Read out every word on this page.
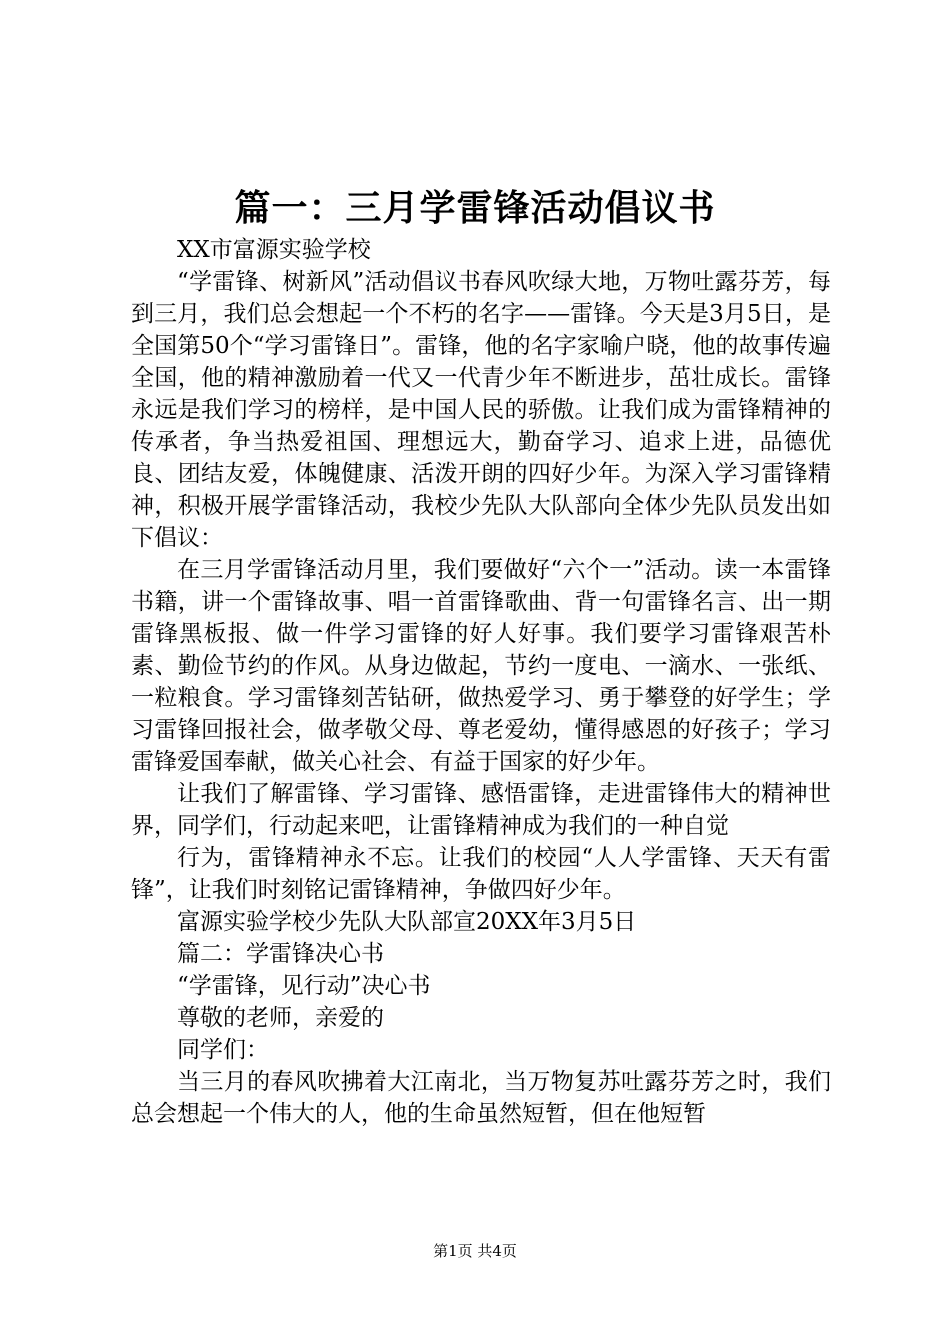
篇一：三月学雷锋活动倡议书

XX市富源实验学校

“学雷锋、树新风”活动倡议书春风吹绿大地，万物吐露芬芳，每到三月，我们总会想起一个不朽的名字——雷锋。今天是3月5日，是全国第50个“学习雷锋日”。雷锋，他的名字家喻户晓，他的故事传遍全国，他的精神激励着一代又一代青少年不断进步，茁壮成长。雷锋永远是我们学习的榜样，是中国人民的骄傲。让我们成为雷锋精神的传承者，争当热爱祖国、理想远大，勤奋学习、追求上进，品德优良、团结友爱，体魄健康、活泼开朗的四好少年。为深入学习雷锋精神，积极开展学雷锋活动，我校少先队大队部向全体少先队员发出如下倡议：

在三月学雷锋活动月里，我们要做好“六个一”活动。读一本雷锋书籍，讲一个雷锋故事、唱一首雷锋歌曲、背一句雷锋名言、出一期雷锋黑板报、做一件学习雷锋的好人好事。我们要学习雷锋艰苦朴素、勤俭节约的作风。从身边做起，节约一度电、一滴水、一张纸、一粒粮食。学习雷锋刻苦钻研，做热爱学习、勇于攀登的好学生；学习雷锋回报社会，做孝敬父母、尊老爱幼，懂得感恩的好孩子；学习雷锋爱国奉献，做关心社会、有益于国家的好少年。

让我们了解雷锋、学习雷锋、感悟雷锋，走进雷锋伟大的精神世界，同学们，行动起来吧，让雷锋精神成为我们的一种自觉

行为，雷锋精神永不忘。让我们的校园“人人学雷锋、天天有雷锋”，让我们时刻铭记雷锋精神，争做四好少年。

富源实验学校少先队大队部宣20XX年3月5日

篇二：学雷锋决心书

“学雷锋，见行动”决心书

尊敬的老师，亲爱的

同学们：

当三月的春风吹拂着大江南北，当万物复苏吐露芬芳之时，我们总会想起一个伟大的人，他的生命虽然短暂，但在他短暂

第1页 共4页
